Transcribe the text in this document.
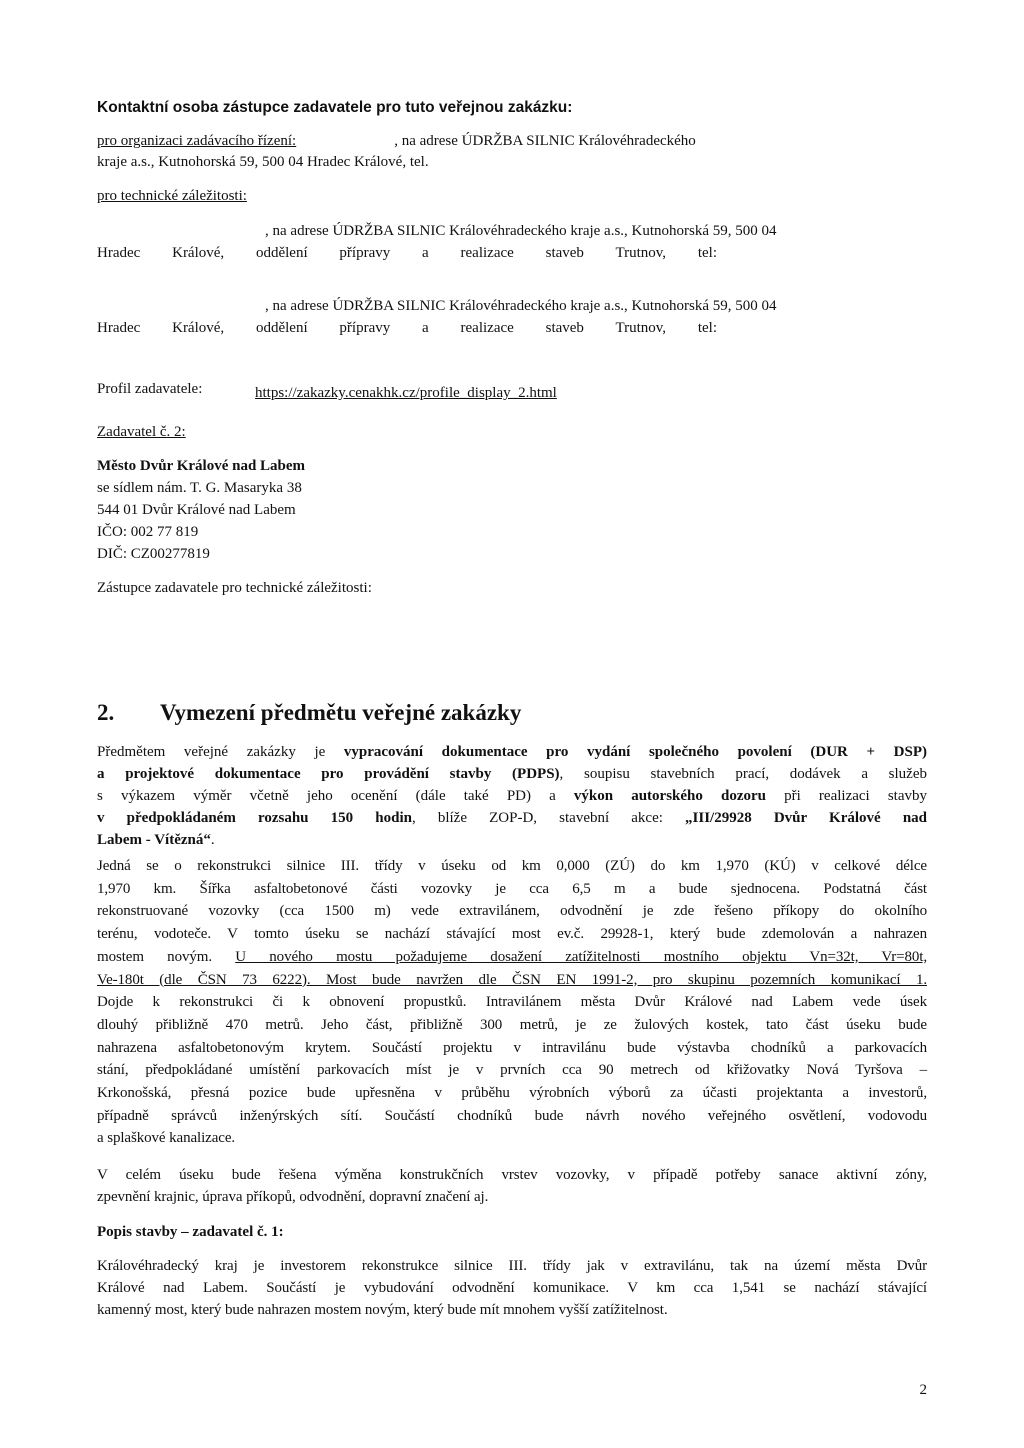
Kontaktní osoba zástupce zadavatele pro tuto veřejnou zakázku:

pro organizaci zadávacího řízení:	, na adrese ÚDRŽBA SILNIC Královéhradeckého

kraje a.s., Kutnohorská 59, 500 04 Hradec Králové, tel.

pro technické záležitosti:

, na adrese ÚDRŽBA SILNIC Královéhradeckého kraje a.s., Kutnohorská 59, 500 04

Hradec Králové, oddělení přípravy a realizace staveb Trutnov, tel:

, na adrese ÚDRŽBA SILNIC Královéhradeckého kraje a.s., Kutnohorská 59, 500 04

Hradec Králové, oddělení přípravy a realizace staveb Trutnov, tel:

Profil zadavatele:	https://zakazky.cenakhk.cz/profile_display_2.html

Zadavatel č. 2:

Město Dvůr Králové nad Labem

se sídlem nám. T. G. Masaryka 38

544 01 Dvůr Králové nad Labem

IČO: 002 77 819

DIČ: CZ00277819

Zástupce zadavatele pro technické záležitosti:

2.	Vymezení předmětu veřejné zakázky

Předmětem veřejné zakázky je vypracování dokumentace pro vydání společného povolení (DUR + DSP)
a projektové dokumentace pro provádění stavby (PDPS), soupisu stavebních prací, dodávek a služeb
s výkazem výměr včetně jeho ocenění (dále také PD) a výkon autorského dozoru při realizaci stavby
v předpokládaném rozsahu 150 hodin, blíže ZOP-D, stavební akce: „III/29928 Dvůr Králové nad
Labem - Vítězná“.
Jedná se o rekonstrukci silnice III. třídy v úseku od km 0,000 (ZÚ) do km 1,970 (KÚ) v celkové délce
1,970 km. Šířka asfaltobetonové části vozovky je cca 6,5 m a bude sjednocena. Podstatná část
rekonstruované vozovky (cca 1500 m) vede extravilánem, odvodnění je zde řešeno příkopy do okolního
terénu, vodoteče. V tomto úseku se nachází stávající most ev.č. 29928-1, který bude zdemolován a nahrazen
mostem novým. U nového mostu požadujeme dosažení zatížitelnosti mostního objektu Vn=32t, Vr=80t,
Ve-180t (dle ČSN 73 6222). Most bude navržen dle ČSN EN 1991-2, pro skupinu pozemních komunikací 1.
Dojde k rekonstrukci či k obnovení propustků. Intravilánem města Dvůr Králové nad Labem vede úsek
dlouhý přibližně 470 metrů. Jeho část, přibližně 300 metrů, je ze žulových kostek, tato část úseku bude
nahrazena asfaltobetonovým krytem. Součástí projektu v intravilánu bude výstavba chodníků a parkovacích
stání, předpokládané umístění parkovacích míst je v prvních cca 90 metrech od křižovatky Nová Tyršova –
Krkonošská, přesná pozice bude upřesněna v průběhu výrobních výborů za účasti projektanta a investorů,
případně správců inženýrských sítí. Součástí chodníků bude návrh nového veřejného osvětlení, vodovodu
a splaškové kanalizace.
V celém úseku bude řešena výměna konstrukčních vrstev vozovky, v případě potřeby sanace aktivní zóny,
zpevnění krajnic, úprava příkopů, odvodnění, dopravní značení aj.

Popis stavby – zadavatel č. 1:

Královéhradecký kraj je investorem rekonstrukce silnice III. třídy jak v extravilánu, tak na území města Dvůr
Králové nad Labem. Součástí je vybudování odvodnění komunikace. V km cca 1,541 se nachází stávající
kamenný most, který bude nahrazen mostem novým, který bude mít mnohem vyšší zatížitelnost.

2
